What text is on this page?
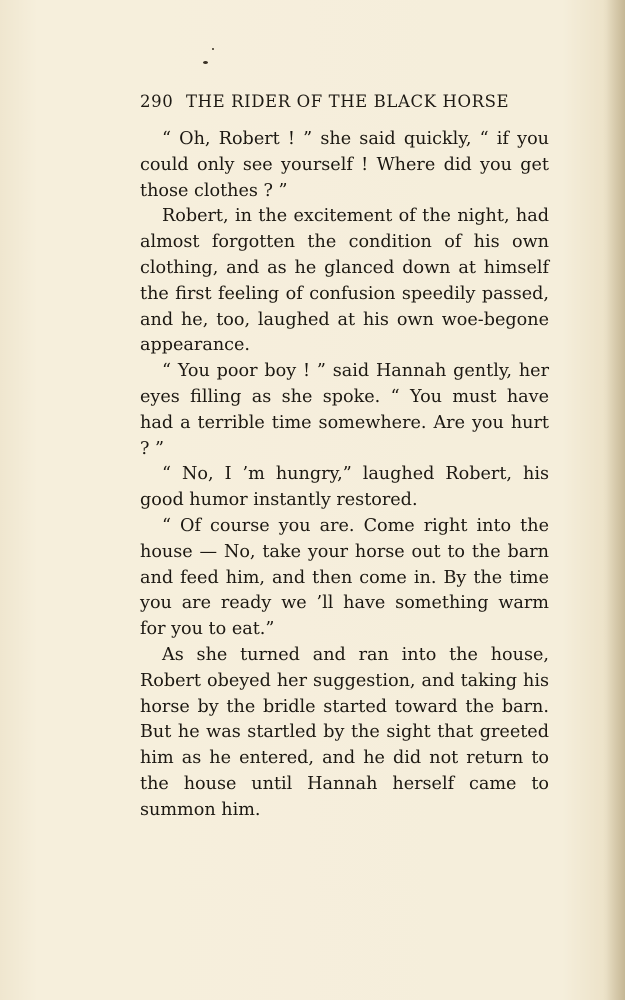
290 THE RIDER OF THE BLACK HORSE

“ Oh, Robert ! ” she said quickly, “ if you could only see yourself ! Where did you get those clothes ? ”

Robert, in the excitement of the night, had almost forgotten the condition of his own clothing, and as he glanced down at himself the first feeling of confusion speedily passed, and he, too, laughed at his own woe-begone appearance.

“ You poor boy ! ” said Hannah gently, her eyes filling as she spoke. “ You must have had a terrible time somewhere. Are you hurt ? ”

“ No, I ’m hungry,” laughed Robert, his good humor instantly restored.

“ Of course you are. Come right into the house — No, take your horse out to the barn and feed him, and then come in. By the time you are ready we ’ll have something warm for you to eat.”

As she turned and ran into the house, Robert obeyed her suggestion, and taking his horse by the bridle started toward the barn. But he was startled by the sight that greeted him as he entered, and he did not return to the house until Hannah herself came to summon him.
